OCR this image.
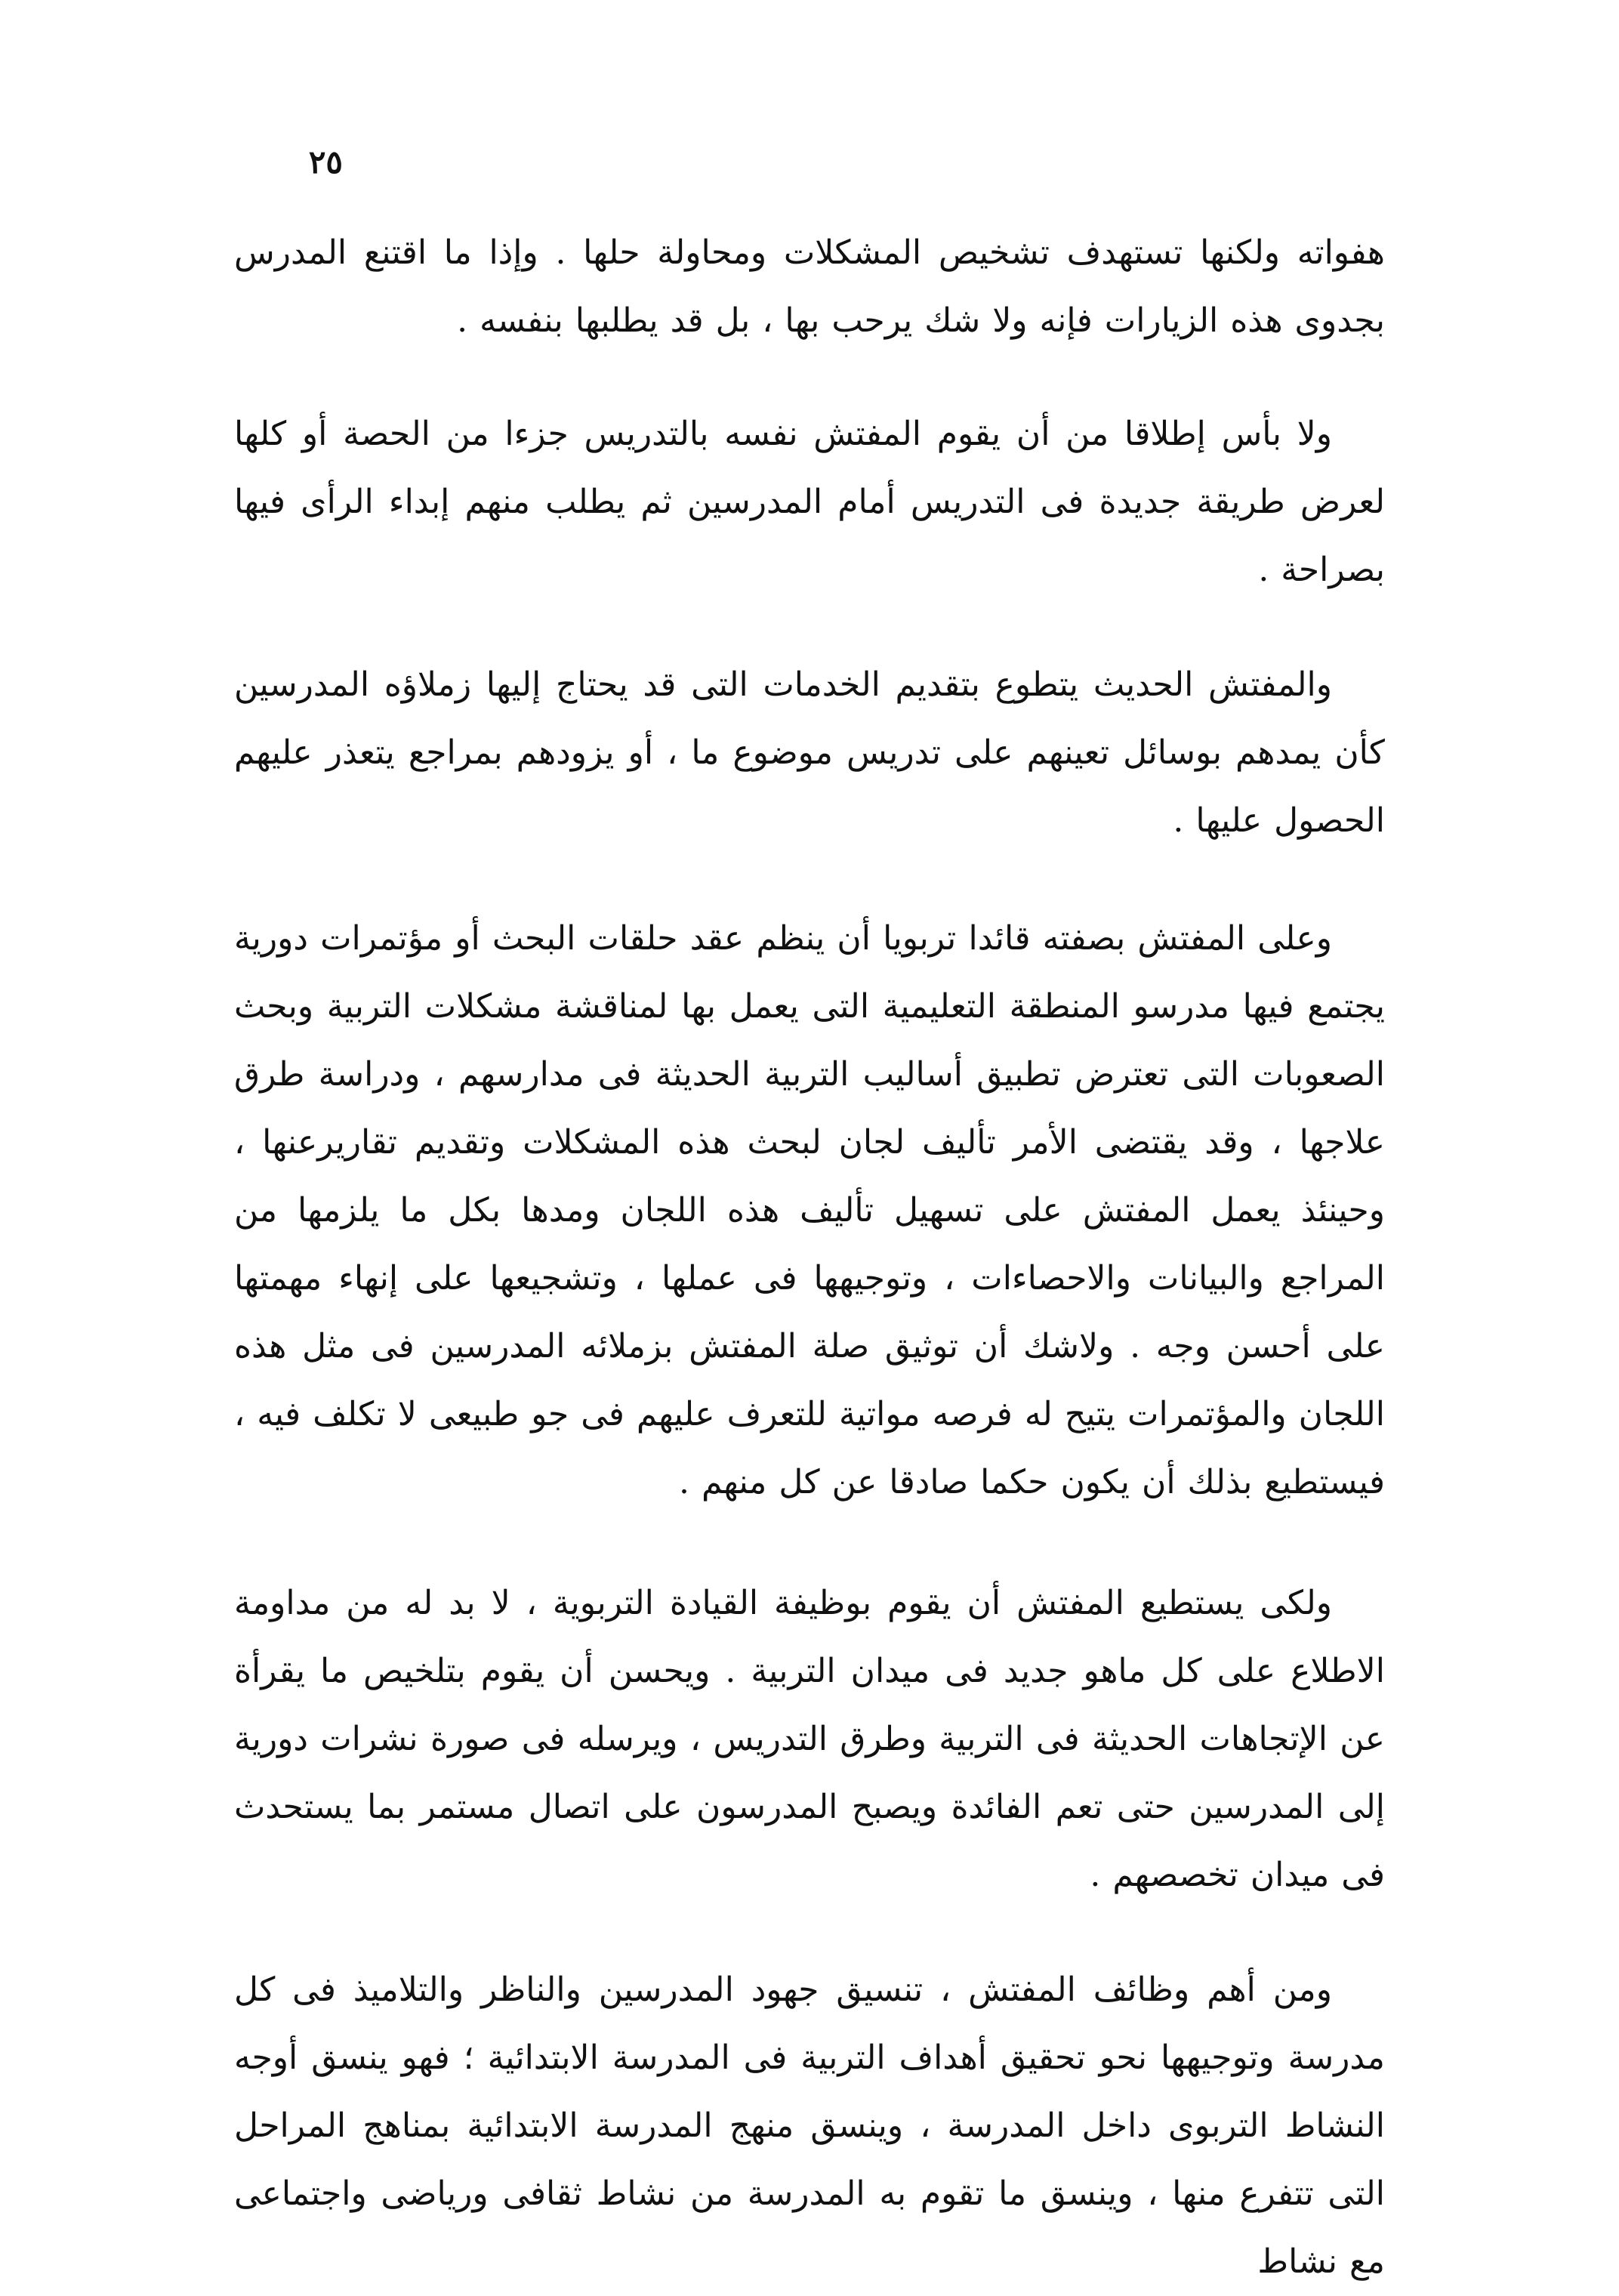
٢٥

هفواته ولكنها تستهدف تشخيص المشكلات ومحاولة حلها . وإذا ما اقتنع المدرس بجدوى هذه الزيارات فإنه ولا شك يرحب بها ، بل قد يطلبها بنفسه .

ولا بأس إطلاقا من أن يقوم المفتش نفسه بالتدريس جزءا من الحصة أو كلها لعرض طريقة جديدة فى التدريس أمام المدرسين ثم يطلب منهم إبداء الرأى فيها بصراحة .

والمفتش الحديث يتطوع بتقديم الخدمات التى قد يحتاج إليها زملاؤه المدرسين كأن يمدهم بوسائل تعينهم على تدريس موضوع ما ، أو يزودهم بمراجع يتعذر عليهم الحصول عليها .

وعلى المفتش بصفته قائدا تربويا أن ينظم عقد حلقات البحث أو مؤتمرات دورية يجتمع فيها مدرسو المنطقة التعليمية التى يعمل بها لمناقشة مشكلات التربية وبحث الصعوبات التى تعترض تطبيق أساليب التربية الحديثة فى مدارسهم ، ودراسة طرق علاجها ، وقد يقتضى الأمر تأليف لجان لبحث هذه المشكلات وتقديم تقاريرعنها ، وحينئذ يعمل المفتش على تسهيل تأليف هذه اللجان ومدها بكل ما يلزمها من المراجع والبيانات والاحصاءات ، وتوجيهها فى عملها ، وتشجيعها على إنهاء مهمتها على أحسن وجه . ولاشك أن توثيق صلة المفتش بزملائه المدرسين فى مثل هذه اللجان والمؤتمرات يتيح له فرصه مواتية للتعرف عليهم فى جو طبيعى لا تكلف فيه ، فيستطيع بذلك أن يكون حكما صادقا عن كل منهم .

ولكى يستطيع المفتش أن يقوم بوظيفة القيادة التربوية ، لا بد له من مداومة الاطلاع على كل ماهو جديد فى ميدان التربية . ويحسن أن يقوم بتلخيص ما يقرأة عن الإتجاهات الحديثة فى التربية وطرق التدريس ، ويرسله فى صورة نشرات دورية إلى المدرسين حتى تعم الفائدة ويصبح المدرسون على اتصال مستمر بما يستحدث فى ميدان تخصصهم .

ومن أهم وظائف المفتش ، تنسيق جهود المدرسين والناظر والتلاميذ فى كل مدرسة وتوجيهها نحو تحقيق أهداف التربية فى المدرسة الابتدائية ؛ فهو ينسق أوجه النشاط التربوى داخل المدرسة ، وينسق منهج المدرسة الابتدائية بمناهج المراحل التى تتفرع منها ، وينسق ما تقوم به المدرسة من نشاط ثقافى ورياضى واجتماعى مع نشاط
